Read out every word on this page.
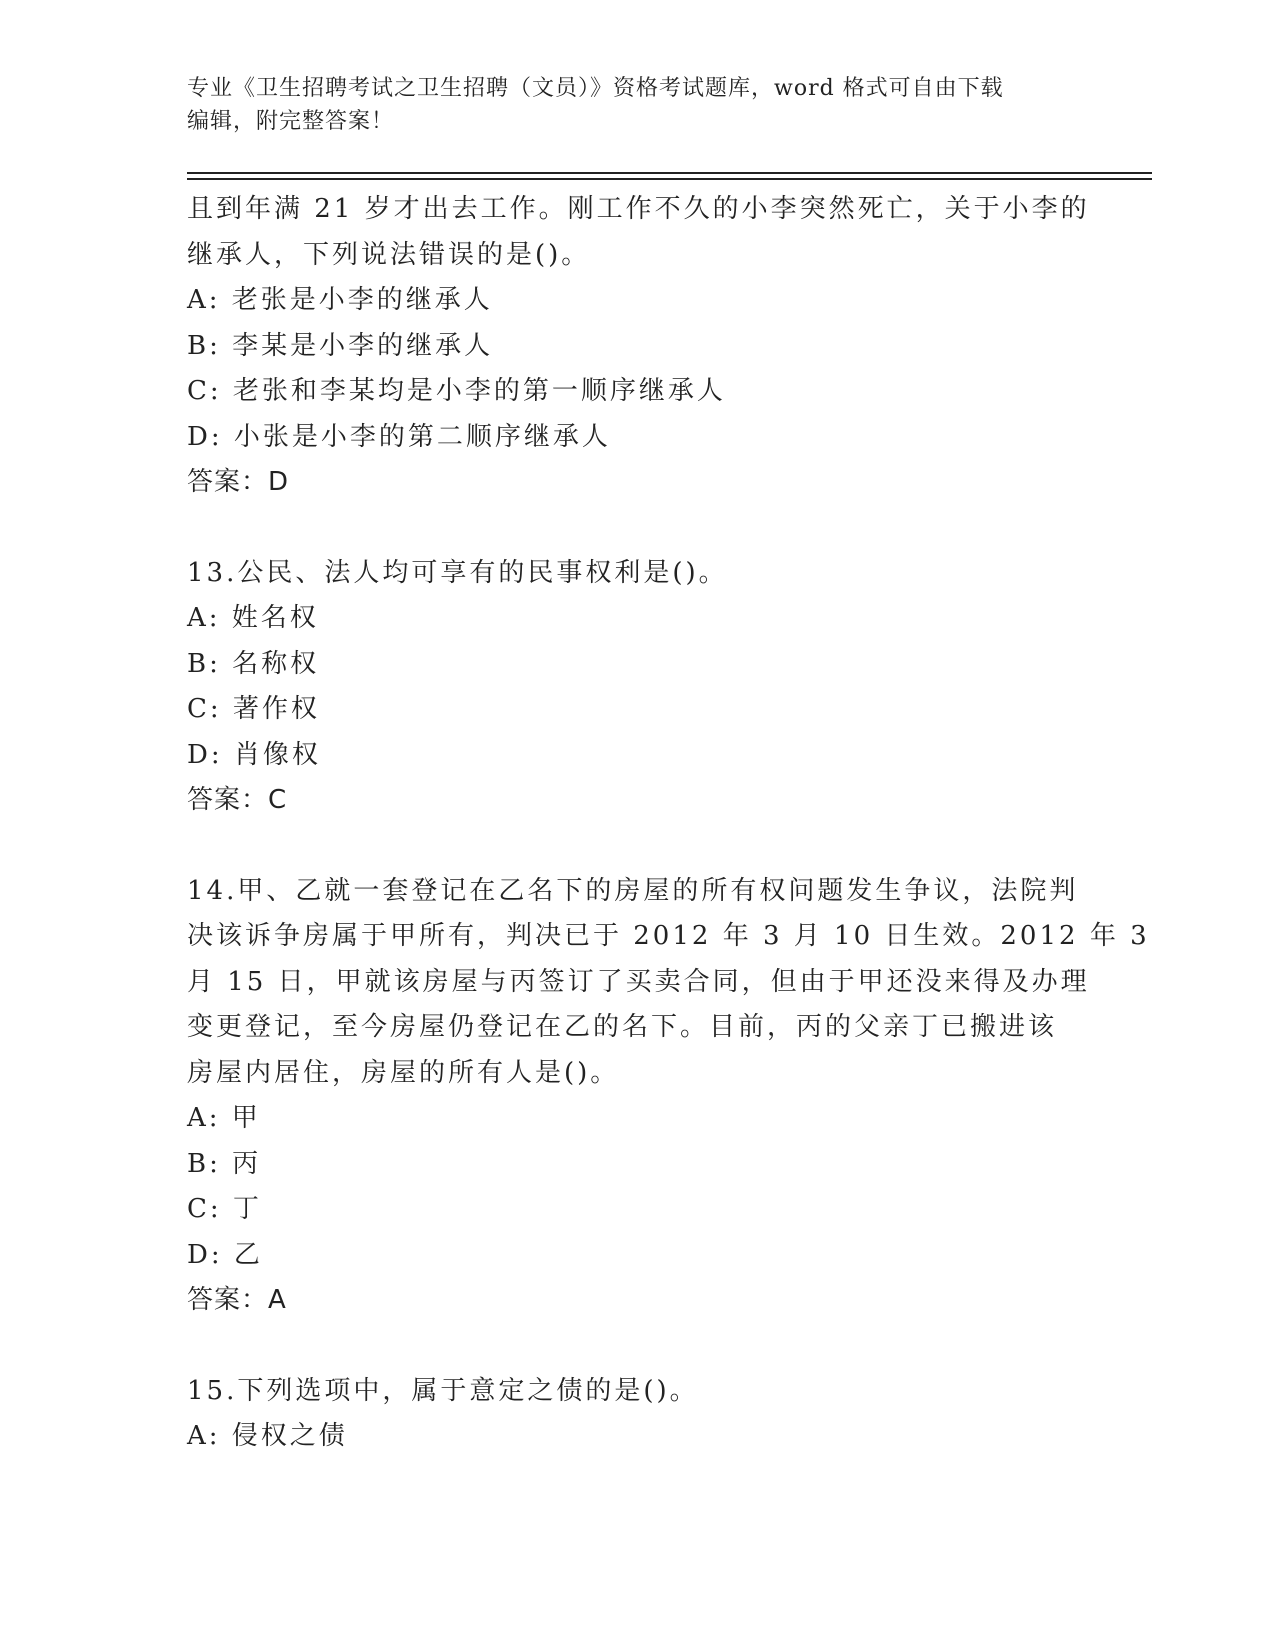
专业《卫生招聘考试之卫生招聘（文员）》资格考试题库，word 格式可自由下载
编辑，附完整答案！
且到年满 21 岁才出去工作。刚工作不久的小李突然死亡，关于小李的
继承人，下列说法错误的是()。
A: 老张是小李的继承人
B: 李某是小李的继承人
C: 老张和李某均是小李的第一顺序继承人
D: 小张是小李的第二顺序继承人
答案：D
13.公民、法人均可享有的民事权利是()。
A: 姓名权
B: 名称权
C: 著作权
D: 肖像权
答案：C
14.甲、乙就一套登记在乙名下的房屋的所有权问题发生争议，法院判
决该诉争房属于甲所有，判决已于 2012 年 3 月 10 日生效。2012 年 3
月 15 日，甲就该房屋与丙签订了买卖合同，但由于甲还没来得及办理
变更登记，至今房屋仍登记在乙的名下。目前，丙的父亲丁已搬进该
房屋内居住，房屋的所有人是()。
A: 甲
B: 丙
C: 丁
D: 乙
答案：A
15.下列选项中，属于意定之债的是()。
A: 侵权之债
